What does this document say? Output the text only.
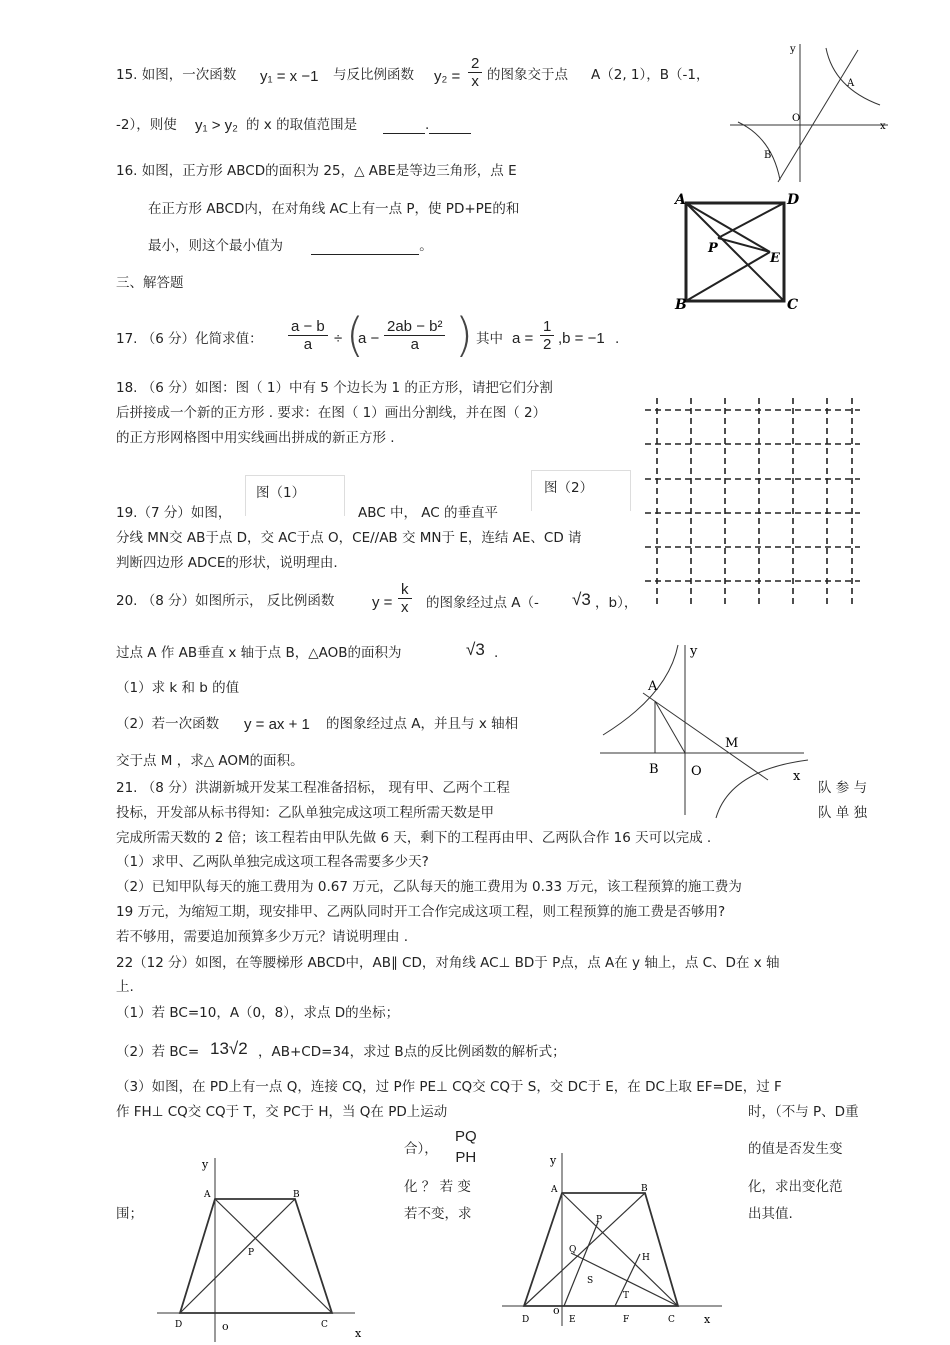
15. 如图，一次函数 y₁ = x −1 与反比例函数 $y_2 = \frac{2}{x}$ 的图象交于点 A（2, 1），B（-1，
-2），则使 y₁ > y₂ 的 x 的取值范围是	.
A
B
O
x
y
16. 如图，正方形 ABCD的面积为 25，△ ABE是等边三角形，点 E
在正方形 ABCD内，在对角线 AC上有一点 P，使 PD+PE的和
最小，则这个最小值为	。
A	D
B	C
P
E
三、解答题
17. （6 分）化简求值： $\frac{a - b}{a}$ ÷ (
$a - \frac{\text{2ab − b²}}{a}$ ) 其中 $a = \frac{1}{2} ,b = -1$ .
18. （6 分）如图：图（ 1）中有 5 个边长为 1 的正方形，请把它们分割
后拼接成一个新的正方形 . 要求：在图（ 1）画出分割线，并在图（ 2）
的正方形网格图中用实线画出拼成的新正方形 .
图（1）	图（2）
19.（7 分）如图，	ABC 中， AC 的垂直平
分线 MN交 AB于点 D，交 AC于点 O，CE//AB 交 MN于 E，连结 AE、CD 请
判断四边形 ADCE的形状，说明理由.
20. （8 分）如图所示， 反比例函数	$y = \frac{k}{x}$ 的图象经过点 A（- √3 ，b），
过点 A 作 AB垂直 x 轴于点 B，△AOB的面积为	√3 .
（1）求 k 和 b 的值
（2）若一次函数 y = ax + 1 的图象经过点 A，并且与 x 轴相
交于点 M ，求△ AOM的面积。
A
B O
M
x
y
21. （8 分）洪湖新城开发某工程准备招标， 现有甲、乙两个工程	队 参 与
投标，开发部从标书得知：乙队单独完成这项工程所需天数是甲	队 单 独
完成所需天数的 2 倍；该工程若由甲队先做 6 天，剩下的工程再由甲、乙两队合作 16 天可以完成 .
（1）求甲、乙两队单独完成这项工程各需要多少天?
（2）已知甲队每天的施工费用为 0.67 万元，乙队每天的施工费用为 0.33 万元，该工程预算的施工费为
19 万元，为缩短工期，现安排甲、乙两队同时开工合作完成这项工程，则工程预算的施工费是否够用?
若不够用，需要追加预算多少万元？请说明理由 .
22（12 分）如图，在等腰梯形 ABCD中，AB∥ CD，对角线 AC⊥ BD于 P点，点 A在 y 轴上，点 C、D在 x 轴
上.
（1）若 BC=10，A（0，8），求点 D的坐标；
（2）若 BC= 13√2 ，AB+CD=34，求过 B点的反比例函数的解析式；
（3）如图，在 PD上有一点 Q，连接 CQ，过 P作 PE⊥ CQ交 CQ于 S，交 DC于 E，在 DC上取 EF=DE，过 F
作 FH⊥ CQ交 CQ于 T，交 PC于 H，当 Q在 PD上运动	时，（不与 P、D重
合），
PQ
PH	的值是否发生变
化 ？ 若 变	化，求出变化范
围；	若不变，求	出其值.
A	B
C
D
P
o
x
y
A	B
C
D
P
Q
S
H
T
E	F
o
x
y
